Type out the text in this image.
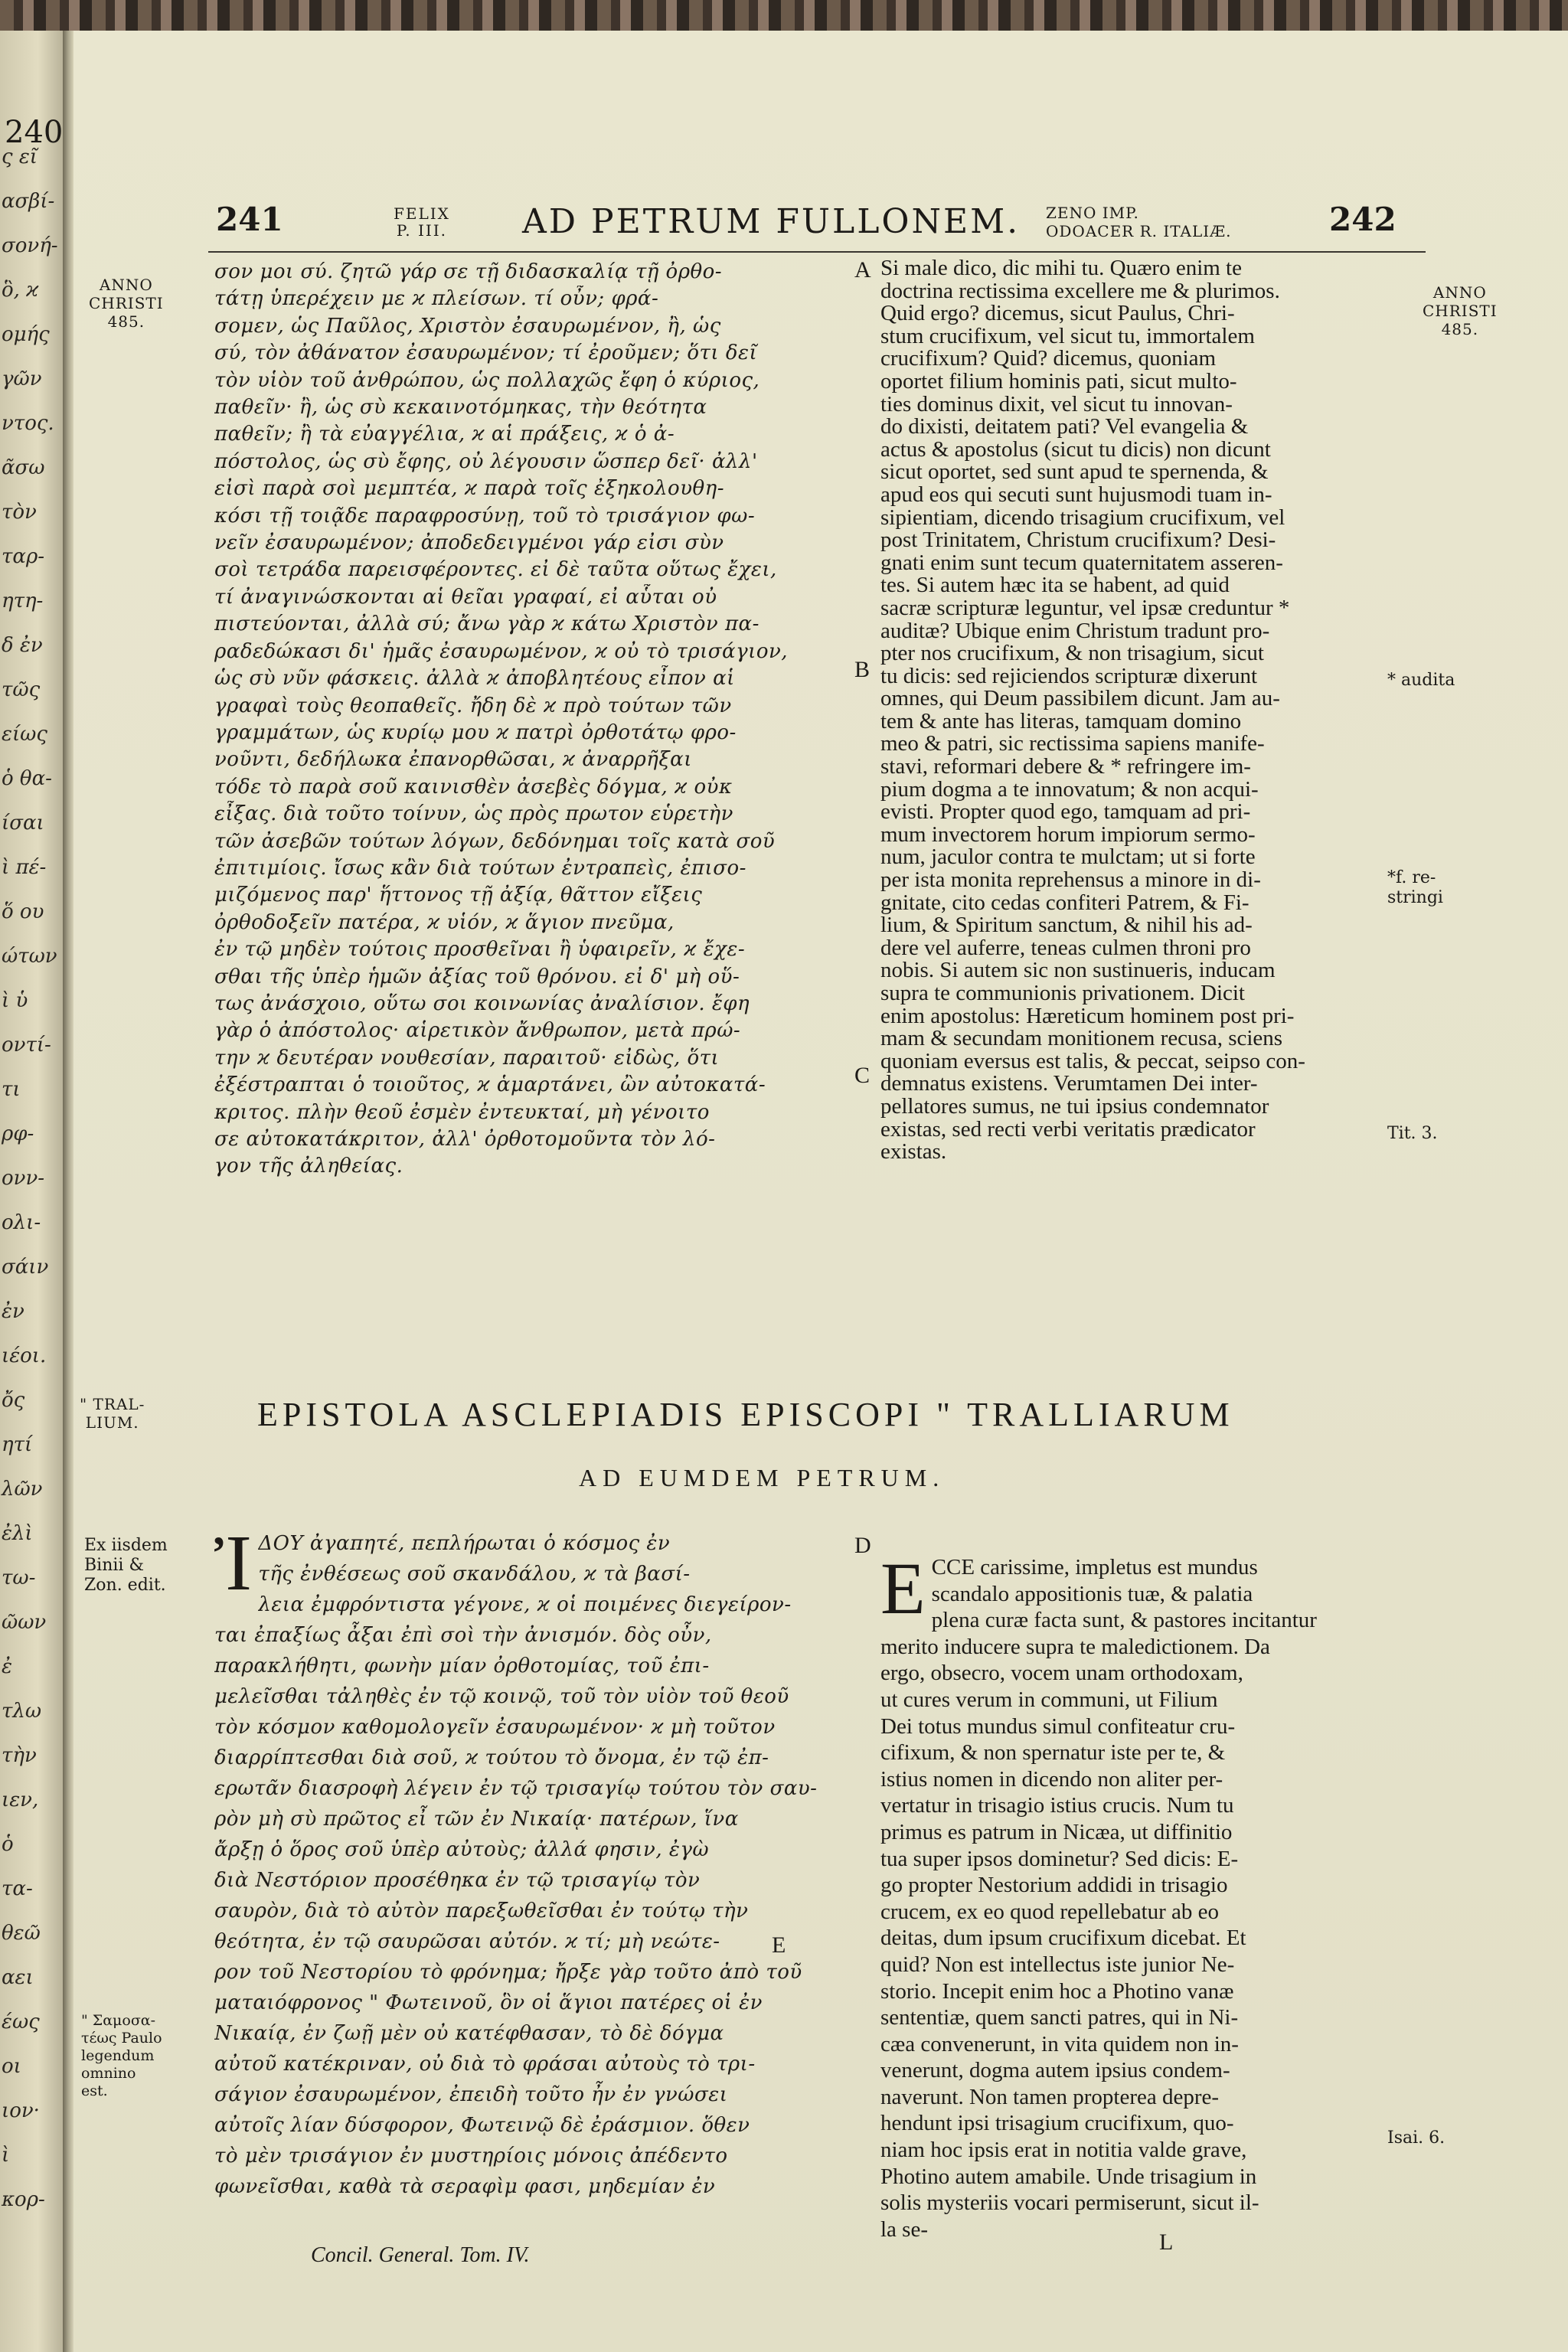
240
ς εῖ
ασβί-
σονή-
ὃ, ϰ
ομής
γῶν
ντος.
ᾶσω
τὸν
ταρ-
ητη-
δ ἐν
τῶς
είως
ὁ θα-
ίσαι
ὶ πέ-
ὅ ου
ώτων
ὶ ὑ
οντί-
τι
ρφ-
ονν-
ολι-
σάιν
ἐν
ιέοι.
ὄς
ητί
λῶν
ἐλὶ
τω-
ῶων
ἐ
τλω
τὴν
ιεν,
ὁ
τα-
θεῶ
αει
έως
οι
ιον·
ὶ
κορ-
241	FELIX
P. III. AD PETRUM FULLONEM. ZENO IMP.
ODOACER R. ITALIÆ.	242
ANNO
CHRISTI
485.
ANNO
CHRISTI
485.
* audita
*f. re-
stringi
Tit. 3.
" TRAL-
LIUM.
Ex iisdem
Binii &
Zon. edit.
" Σαμοσα-
τέως Paulo
legendum
omnino
est.
Isai. 6.
A
B
C
D
E
σον μοι σύ. ζητῶ γάρ σε τῇ διδασκαλίᾳ τῇ ὀρθο-
τάτῃ ὑπερέχειν με ϰ πλείσων. τί οὖν; φρά-
σομεν, ὡς Παῦλος, Χριστὸν ἐσαυρωμένον, ἢ, ὡς
σύ, τὸν ἀθάνατον ἐσαυρωμένον; τί ἐροῦμεν; ὅτι δεῖ
τὸν υἱὸν τοῦ ἀνθρώπου, ὡς πολλαχῶς ἔφη ὁ κύριος,
παθεῖν· ἢ, ὡς σὺ κεκαινοτόμηκας, τὴν θεότητα
παθεῖν; ἢ τὰ εὐαγγέλια, ϰ αἱ πράξεις, ϰ ὁ ἀ-
πόστολος, ὡς σὺ ἔφης, οὐ λέγουσιν ὥσπερ δεῖ· ἀλλ'
εἰσὶ παρὰ σοὶ μεμπτέα, ϰ παρὰ τοῖς ἐξηκολουθη-
κόσι τῇ τοιᾷδε παραφροσύνῃ, τοῦ τὸ τρισάγιον φω-
νεῖν ἐσαυρωμένον; ἀποδεδειγμένοι γάρ εἰσι σὺν
σοὶ τετράδα παρεισφέροντες. εἰ δὲ ταῦτα οὕτως ἔχει,
τί ἀναγινώσκονται αἱ θεῖαι γραφαί, εἰ αὗται οὐ
πιστεύονται, ἀλλὰ σύ; ἄνω γὰρ ϰ κάτω Χριστὸν πα-
ραδεδώκασι δι' ἡμᾶς ἐσαυρωμένον, ϰ οὐ τὸ τρισάγιον,
ὡς σὺ νῦν φάσκεις. ἀλλὰ ϰ ἀποβλητέους εἶπον αἱ
γραφαὶ τοὺς θεοπαθεῖς. ἤδη δὲ ϰ πρὸ τούτων τῶν
γραμμάτων, ὡς κυρίῳ μου ϰ πατρὶ ὀρθοτάτῳ φρο-
νοῦντι, δεδήλωκα ἐπανορθῶσαι, ϰ ἀναρρῆξαι
τόδε τὸ παρὰ σοῦ καινισθὲν ἀσεβὲς δόγμα, ϰ οὐκ
εἶξας. διὰ τοῦτο τοίνυν, ὡς πρὸς πρωτον εὑρετὴν
τῶν ἀσεβῶν τούτων λόγων, δεδόνημαι τοῖς κατὰ σοῦ
ἐπιτιμίοις. ἴσως κἂν διὰ τούτων ἐντραπεὶς, ἐπισο-
μιζόμενος παρ' ἥττονος τῇ ἀξίᾳ, θᾶττον εἴξεις
ὀρθοδοξεῖν πατέρα, ϰ υἱόν, ϰ ἅγιον πνεῦμα,
ἐν τῷ μηδὲν τούτοις προσθεῖναι ἢ ὑφαιρεῖν, ϰ ἔχε-
σθαι τῆς ὑπὲρ ἡμῶν ἀξίας τοῦ θρόνου. εἰ δ' μὴ οὕ-
τως ἀνάσχοιο, οὕτω σοι κοινωνίας ἀναλίσιον. ἔφη
γὰρ ὁ ἀπόστολος· αἱρετικὸν ἄνθρωπον, μετὰ πρώ-
την ϰ δευτέραν νουθεσίαν, παραιτοῦ· εἰδὼς, ὅτι
ἐξέστραπται ὁ τοιοῦτος, ϰ ἁμαρτάνει, ὢν αὐτοκατά-
κριτος. πλὴν θεοῦ ἐσμὲν ἐντευκταί, μὴ γένοιτο
σε αὐτοκατάκριτον, ἀλλ' ὀρθοτομοῦντα τὸν λό-
γον τῆς ἀληθείας.
Si male dico, dic mihi tu. Quæro enim te
doctrina rectissima excellere me & plurimos.
Quid ergo? dicemus, sicut Paulus, Chri-
stum crucifixum, vel sicut tu, immortalem
crucifixum? Quid? dicemus, quoniam
oportet filium hominis pati, sicut multo-
ties dominus dixit, vel sicut tu innovan-
do dixisti, deitatem pati? Vel evangelia &
actus & apostolus (sicut tu dicis) non dicunt
sicut oportet, sed sunt apud te spernenda, &
apud eos qui secuti sunt hujusmodi tuam in-
sipientiam, dicendo trisagium crucifixum, vel
post Trinitatem, Christum crucifixum? Desi-
gnati enim sunt tecum quaternitatem asseren-
tes. Si autem hæc ita se habent, ad quid
sacræ scripturæ leguntur, vel ipsæ creduntur *
auditæ? Ubique enim Christum tradunt pro-
pter nos crucifixum, & non trisagium, sicut
tu dicis: sed rejiciendos scripturæ dixerunt
omnes, qui Deum passibilem dicunt. Jam au-
tem & ante has literas, tamquam domino
meo & patri, sic rectissima sapiens manife-
stavi, reformari debere & * refringere im-
pium dogma a te innovatum; & non acqui-
evisti. Propter quod ego, tamquam ad pri-
mum invectorem horum impiorum sermo-
num, jaculor contra te mulctam; ut si forte
per ista monita reprehensus a minore in di-
gnitate, cito cedas confiteri Patrem, & Fi-
lium, & Spiritum sanctum, & nihil his ad-
dere vel auferre, teneas culmen throni pro
nobis. Si autem sic non sustinueris, inducam
supra te communionis privationem. Dicit
enim apostolus: Hæreticum hominem post pri-
mam & secundam monitionem recusa, sciens
quoniam eversus est talis, & peccat, seipso con-
demnatus existens. Verumtamen Dei inter-
pellatores sumus, ne tui ipsius condemnator
existas, sed recti verbi veritatis prædicator
existas.
EPISTOLA ASCLEPIADIS EPISCOPI " TRALLIARUM
AD EUMDEM PETRUM.
Ἰ ΔΟΥ ἀγαπητέ, πεπλήρωται ὁ κόσμος ἐν
τῆς ἐνθέσεως σοῦ σκανδάλου, ϰ τὰ βασί-
λεια ἐμφρόντιστα γέγονε, ϰ οἱ ποιμένες διεγείρον-
ται ἐπαξίως ἆξαι ἐπὶ σοὶ τὴν ἀνισμόν. δὸς οὖν,
παρακλήθητι, φωνὴν μίαν ὀρθοτομίας, τοῦ ἐπι-
μελεῖσθαι τἀληθὲς ἐν τῷ κοινῷ, τοῦ τὸν υἱὸν τοῦ θεοῦ
τὸν κόσμον καθομολογεῖν ἐσαυρωμένον· ϰ μὴ τοῦτον
διαρρίπτεσθαι διὰ σοῦ, ϰ τούτου τὸ ὄνομα, ἐν τῷ ἐπ-
ερωτᾶν διασροφὴ λέγειν ἐν τῷ τρισαγίῳ τούτου τὸν σαυ-
ρὸν μὴ σὺ πρῶτος εἶ τῶν ἐν Νικαίᾳ· πατέρων, ἵνα
ἄρξῃ ὁ ὅρος σοῦ ὑπὲρ αὐτοὺς; ἀλλά φησιν, ἐγὼ
διὰ Νεστόριον προσέθηκα ἐν τῷ τρισαγίῳ τὸν
σαυρὸν, διὰ τὸ αὐτὸν παρεξωθεῖσθαι ἐν τούτῳ τὴν
θεότητα, ἐν τῷ σαυρῶσαι αὐτόν. ϰ τί; μὴ νεώτε-
ρον τοῦ Νεστορίου τὸ φρόνημα; ἤρξε γὰρ τοῦτο ἀπὸ τοῦ
ματαιόφρονος " Φωτεινοῦ, ὃν οἱ ἅγιοι πατέρες οἱ ἐν
Νικαίᾳ, ἐν ζωῇ μὲν οὐ κατέφθασαν, τὸ δὲ δόγμα
αὐτοῦ κατέκριναν, οὐ διὰ τὸ φράσαι αὐτοὺς τὸ τρι-
σάγιον ἐσαυρωμένον, ἐπειδὴ τοῦτο ἦν ἐν γνώσει
αὐτοῖς λίαν δύσφορον, Φωτεινῷ δὲ ἐράσμιον. ὅθεν
τὸ μὲν τρισάγιον ἐν μυστηρίοις μόνοις ἀπέδεντο
φωνεῖσθαι, καθὰ τὰ σεραφὶμ φασι, μηδεμίαν ἐν
E CCE carissime, impletus est mundus
scandalo appositionis tuæ, & palatia
plena curæ facta sunt, & pastores incitantur
merito inducere supra te maledictionem. Da
ergo, obsecro, vocem unam orthodoxam,
ut cures verum in communi, ut Filium
Dei totus mundus simul confiteatur cru-
cifixum, & non spernatur iste per te, &
istius nomen in dicendo non aliter per-
vertatur in trisagio istius crucis. Num tu
primus es patrum in Nicæa, ut diffinitio
tua super ipsos dominetur? Sed dicis: E-
go propter Nestorium addidi in trisagio
crucem, ex eo quod repellebatur ab eo
deitas, dum ipsum crucifixum dicebat. Et
quid? Non est intellectus iste junior Ne-
storio. Incepit enim hoc a Photino vanæ
sententiæ, quem sancti patres, qui in Ni-
cæa convenerunt, in vita quidem non in-
venerunt, dogma autem ipsius condem-
naverunt. Non tamen propterea depre-
hendunt ipsi trisagium crucifixum, quo-
niam hoc ipsis erat in notitia valde grave,
Photino autem amabile. Unde trisagium in
solis mysteriis vocari permiserunt, sicut il-
la se-
Concil. General. Tom. IV.
L
